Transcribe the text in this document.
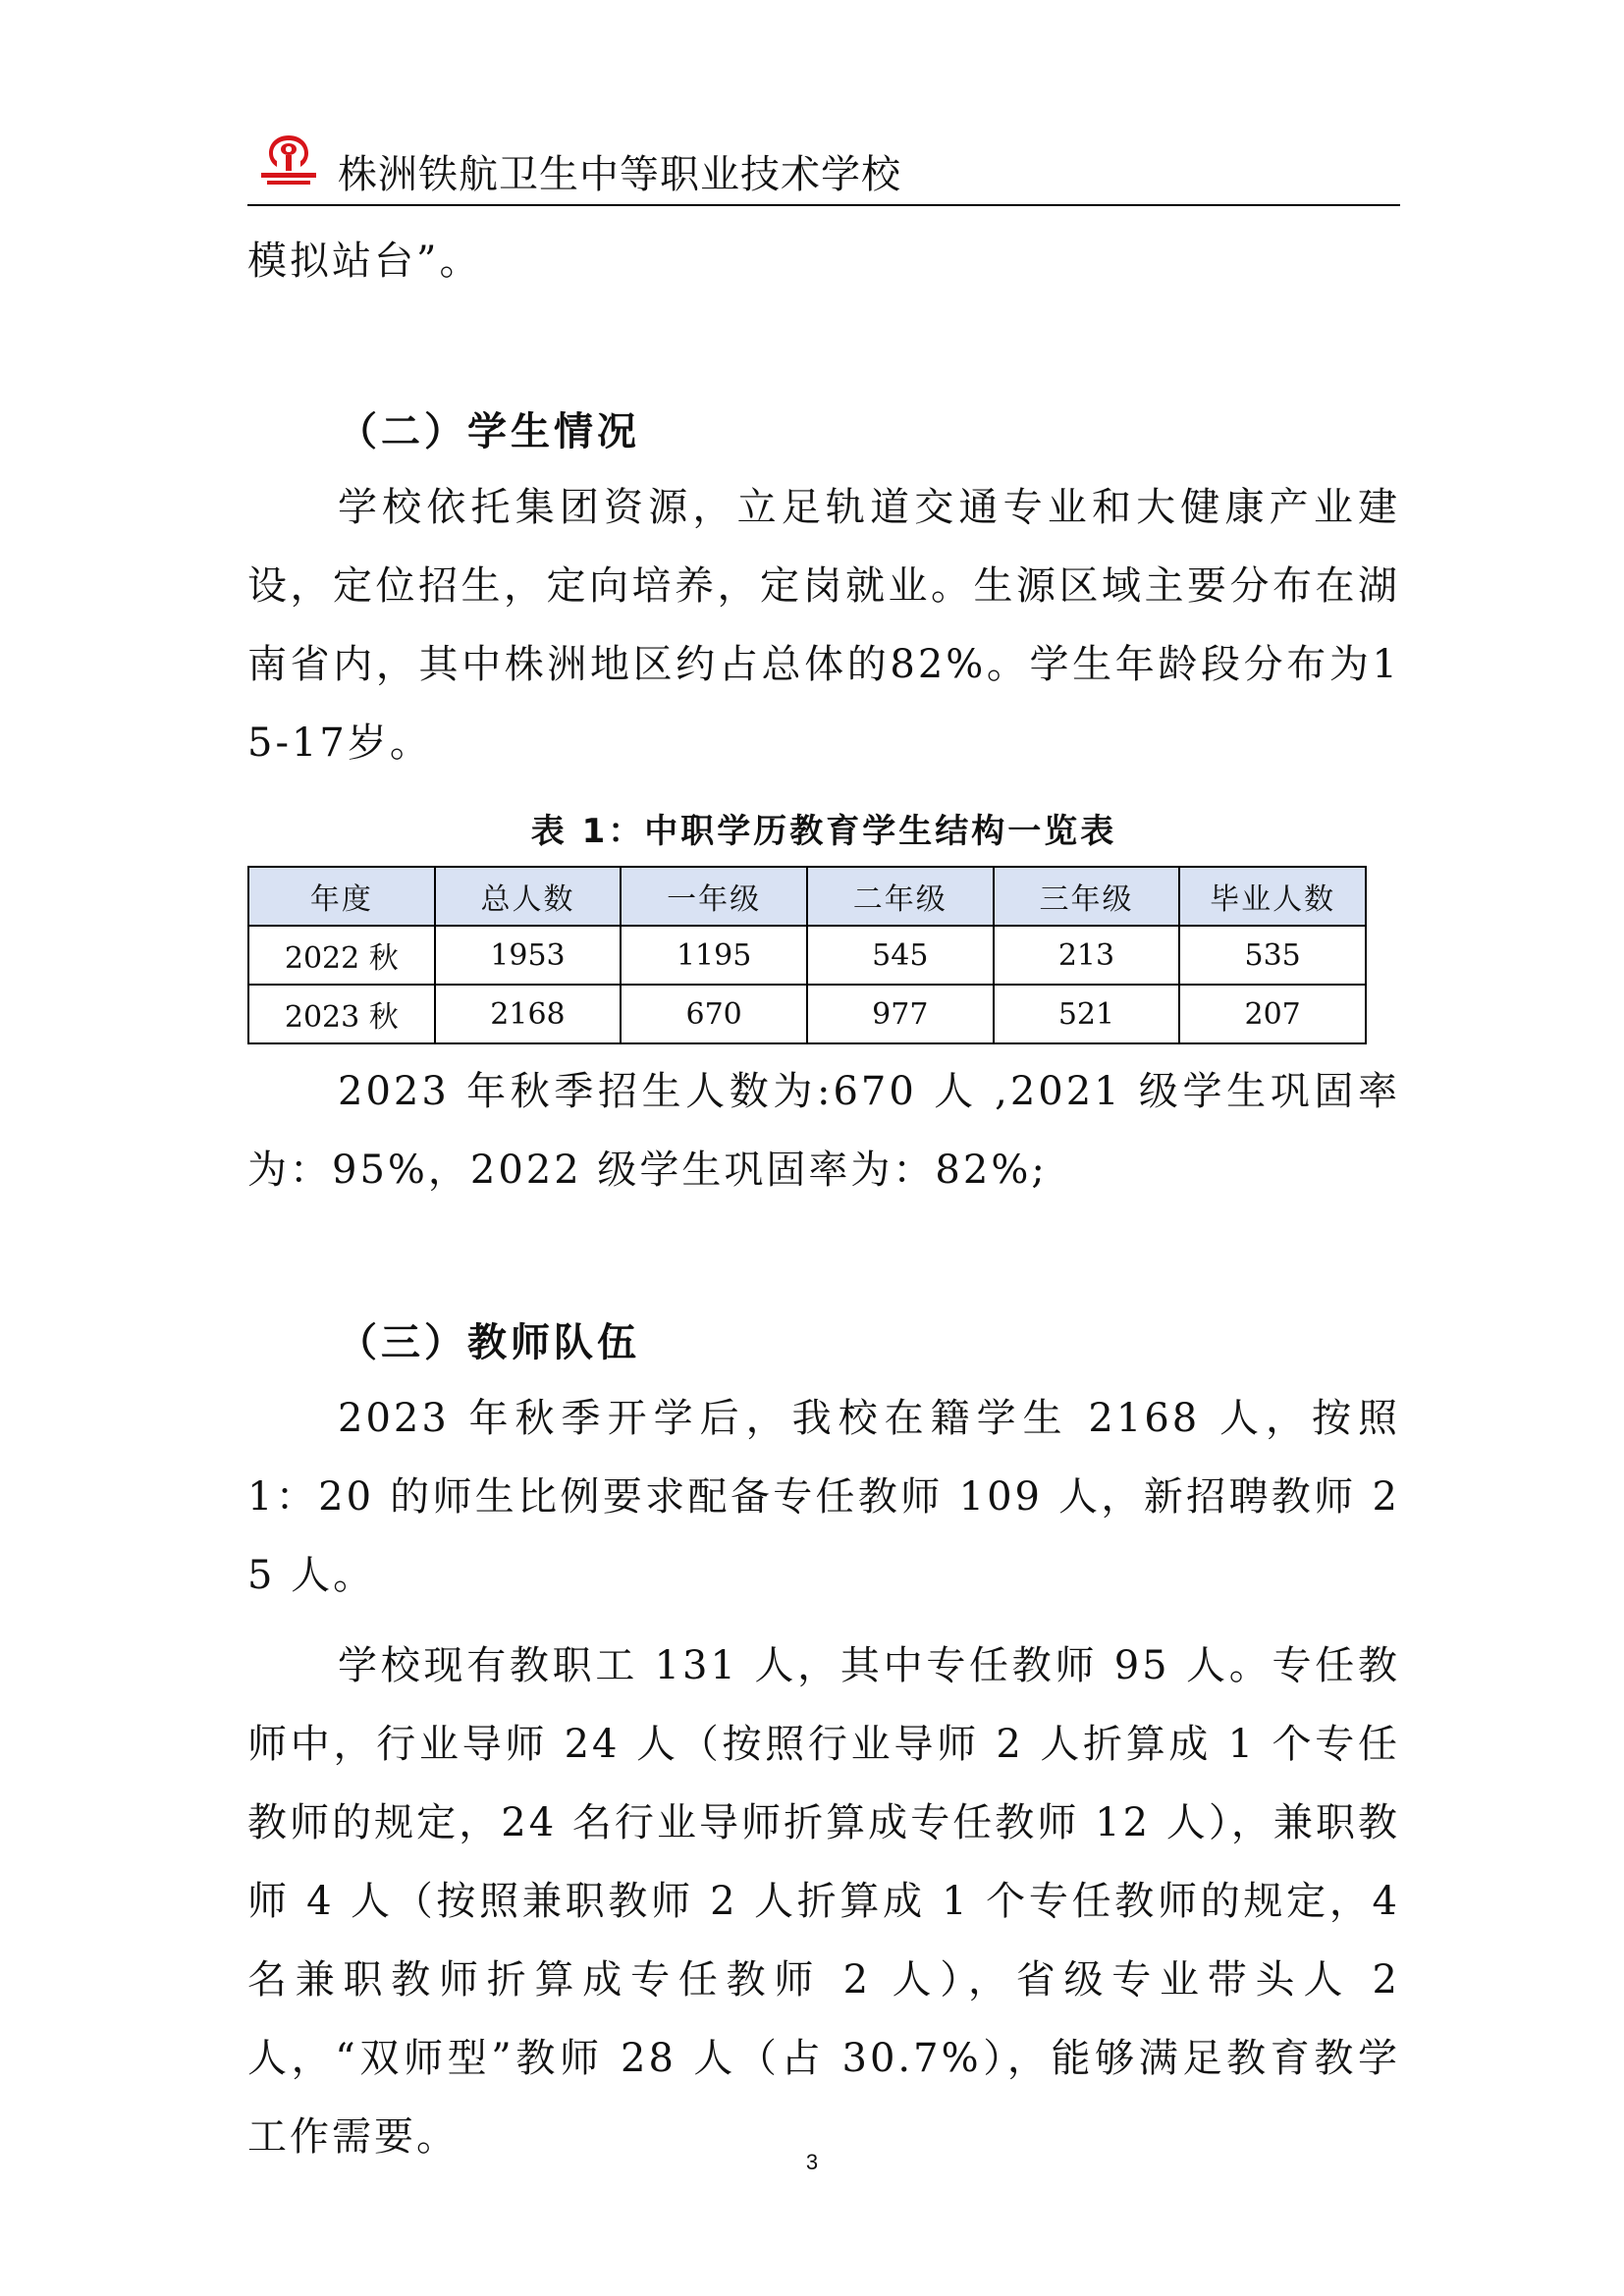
株洲铁航卫生中等职业技术学校

模拟站台”。

（二）学生情况

学校依托集团资源，立足轨道交通专业和大健康产业建设，定位招生，定向培养，定岗就业。生源区域主要分布在湖南省内，其中株洲地区约占总体的82%。学生年龄段分布为15-17岁。

表 1：中职学历教育学生结构一览表

年度	总人数	一年级	二年级	三年级	毕业人数
2022 秋	1953	1195	545	213	535
2023 秋	2168	670	977	521	207

2023 年秋季招生人数为:670 人 ,2021 级学生巩固率为：95%，2022 级学生巩固率为：82%;

（三）教师队伍

2023 年秋季开学后，我校在籍学生 2168 人，按照 1：20 的师生比例要求配备专任教师 109 人，新招聘教师 25 人。

学校现有教职工 131 人，其中专任教师 95 人。专任教师中，行业导师 24 人（按照行业导师 2 人折算成 1 个专任教师的规定，24 名行业导师折算成专任教师 12 人），兼职教师 4 人（按照兼职教师 2 人折算成 1 个专任教师的规定，4 名兼职教师折算成专任教师 2 人），省级专业带头人 2 人，“双师型”教师 28 人（占 30.7%），能够满足教育教学工作需要。

3
